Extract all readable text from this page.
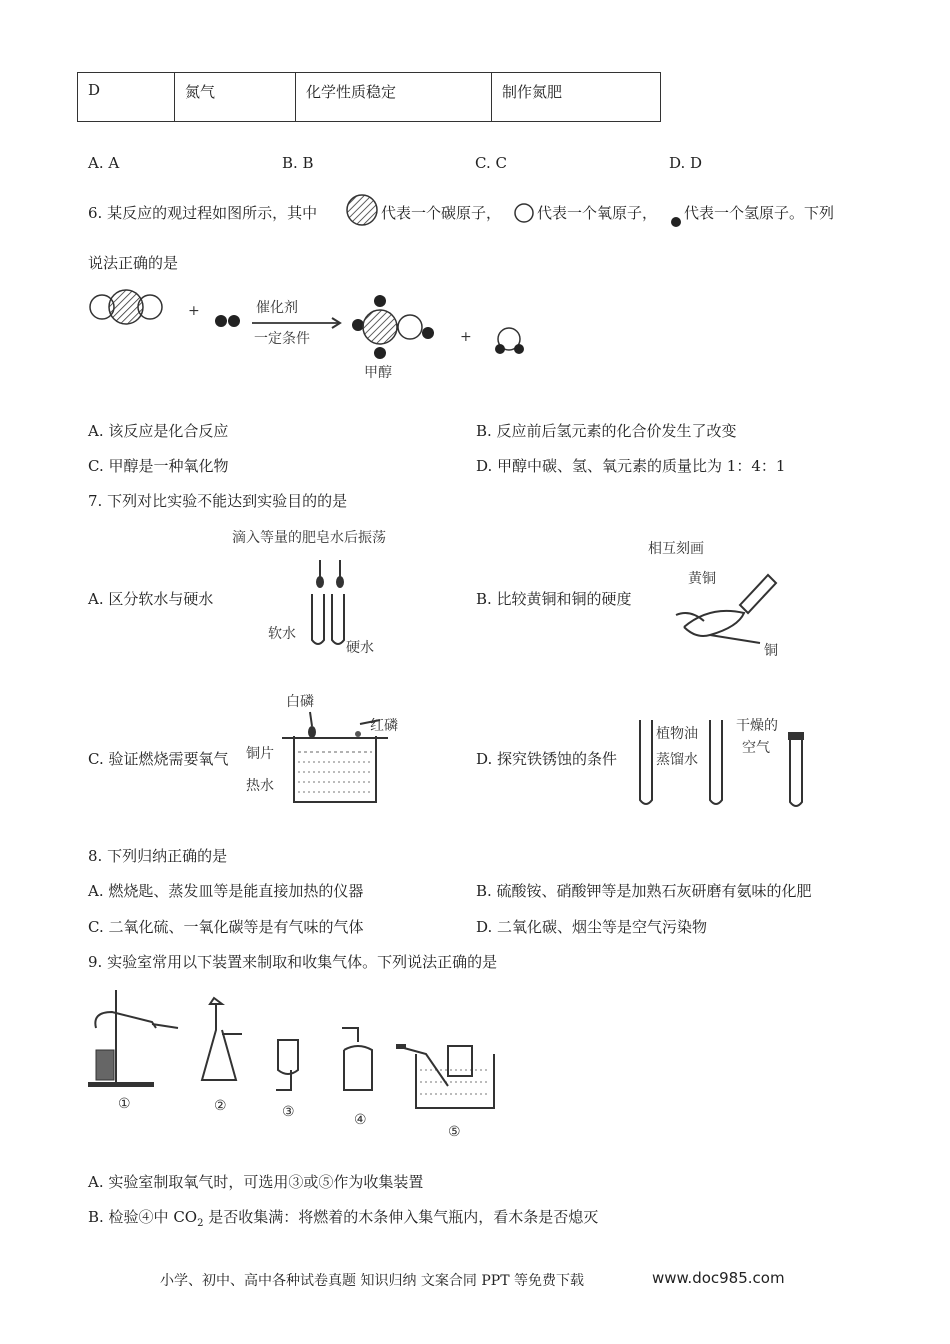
D	氮气	化学性质稳定	制作氮肥
A. A	B. B	C. C	D. D
6. 某反应的观过程如图所示，其中	代表一个碳原子， 代表一个氧原子， 代表一个氢原子。下列
说法正确的是
+	催化剂
一定条件
甲醇
+
A. 该反应是化合反应	B. 反应前后氢元素的化合价发生了改变
C. 甲醇是一种氧化物	D. 甲醇中碳、氢、氧元素的质量比为 1：4：1
7. 下列对比实验不能达到实验目的的是
A. 区分软水与硬水
滴入等量的肥皂水后振荡
软水
硬水
B. 比较黄铜和铜的硬度
相互刻画
黄铜
铜
C. 验证燃烧需要氧气
白磷
红磷
铜片
热水
D. 探究铁锈蚀的条件
植物油
蒸馏水
干燥的
空气
8. 下列归纳正确的是
A. 燃烧匙、蒸发皿等是能直接加热的仪器	B. 硫酸铵、硝酸钾等是加熟石灰研磨有氨味的化肥
C. 二氧化硫、一氧化碳等是有气味的气体	D. 二氧化碳、烟尘等是空气污染物
9. 实验室常用以下装置来制取和收集气体。下列说法正确的是
①	②	③	④
⑤
A. 实验室制取氧气时，可选用③或⑤作为收集装置
B. 检验④中 $CO_2$ 是否收集满：将燃着的木条伸入集气瓶内，看木条是否熄灭
小学、初中、高中各种试卷真题 知识归纳 文案合同 PPT 等免费下载	www.doc985.com
